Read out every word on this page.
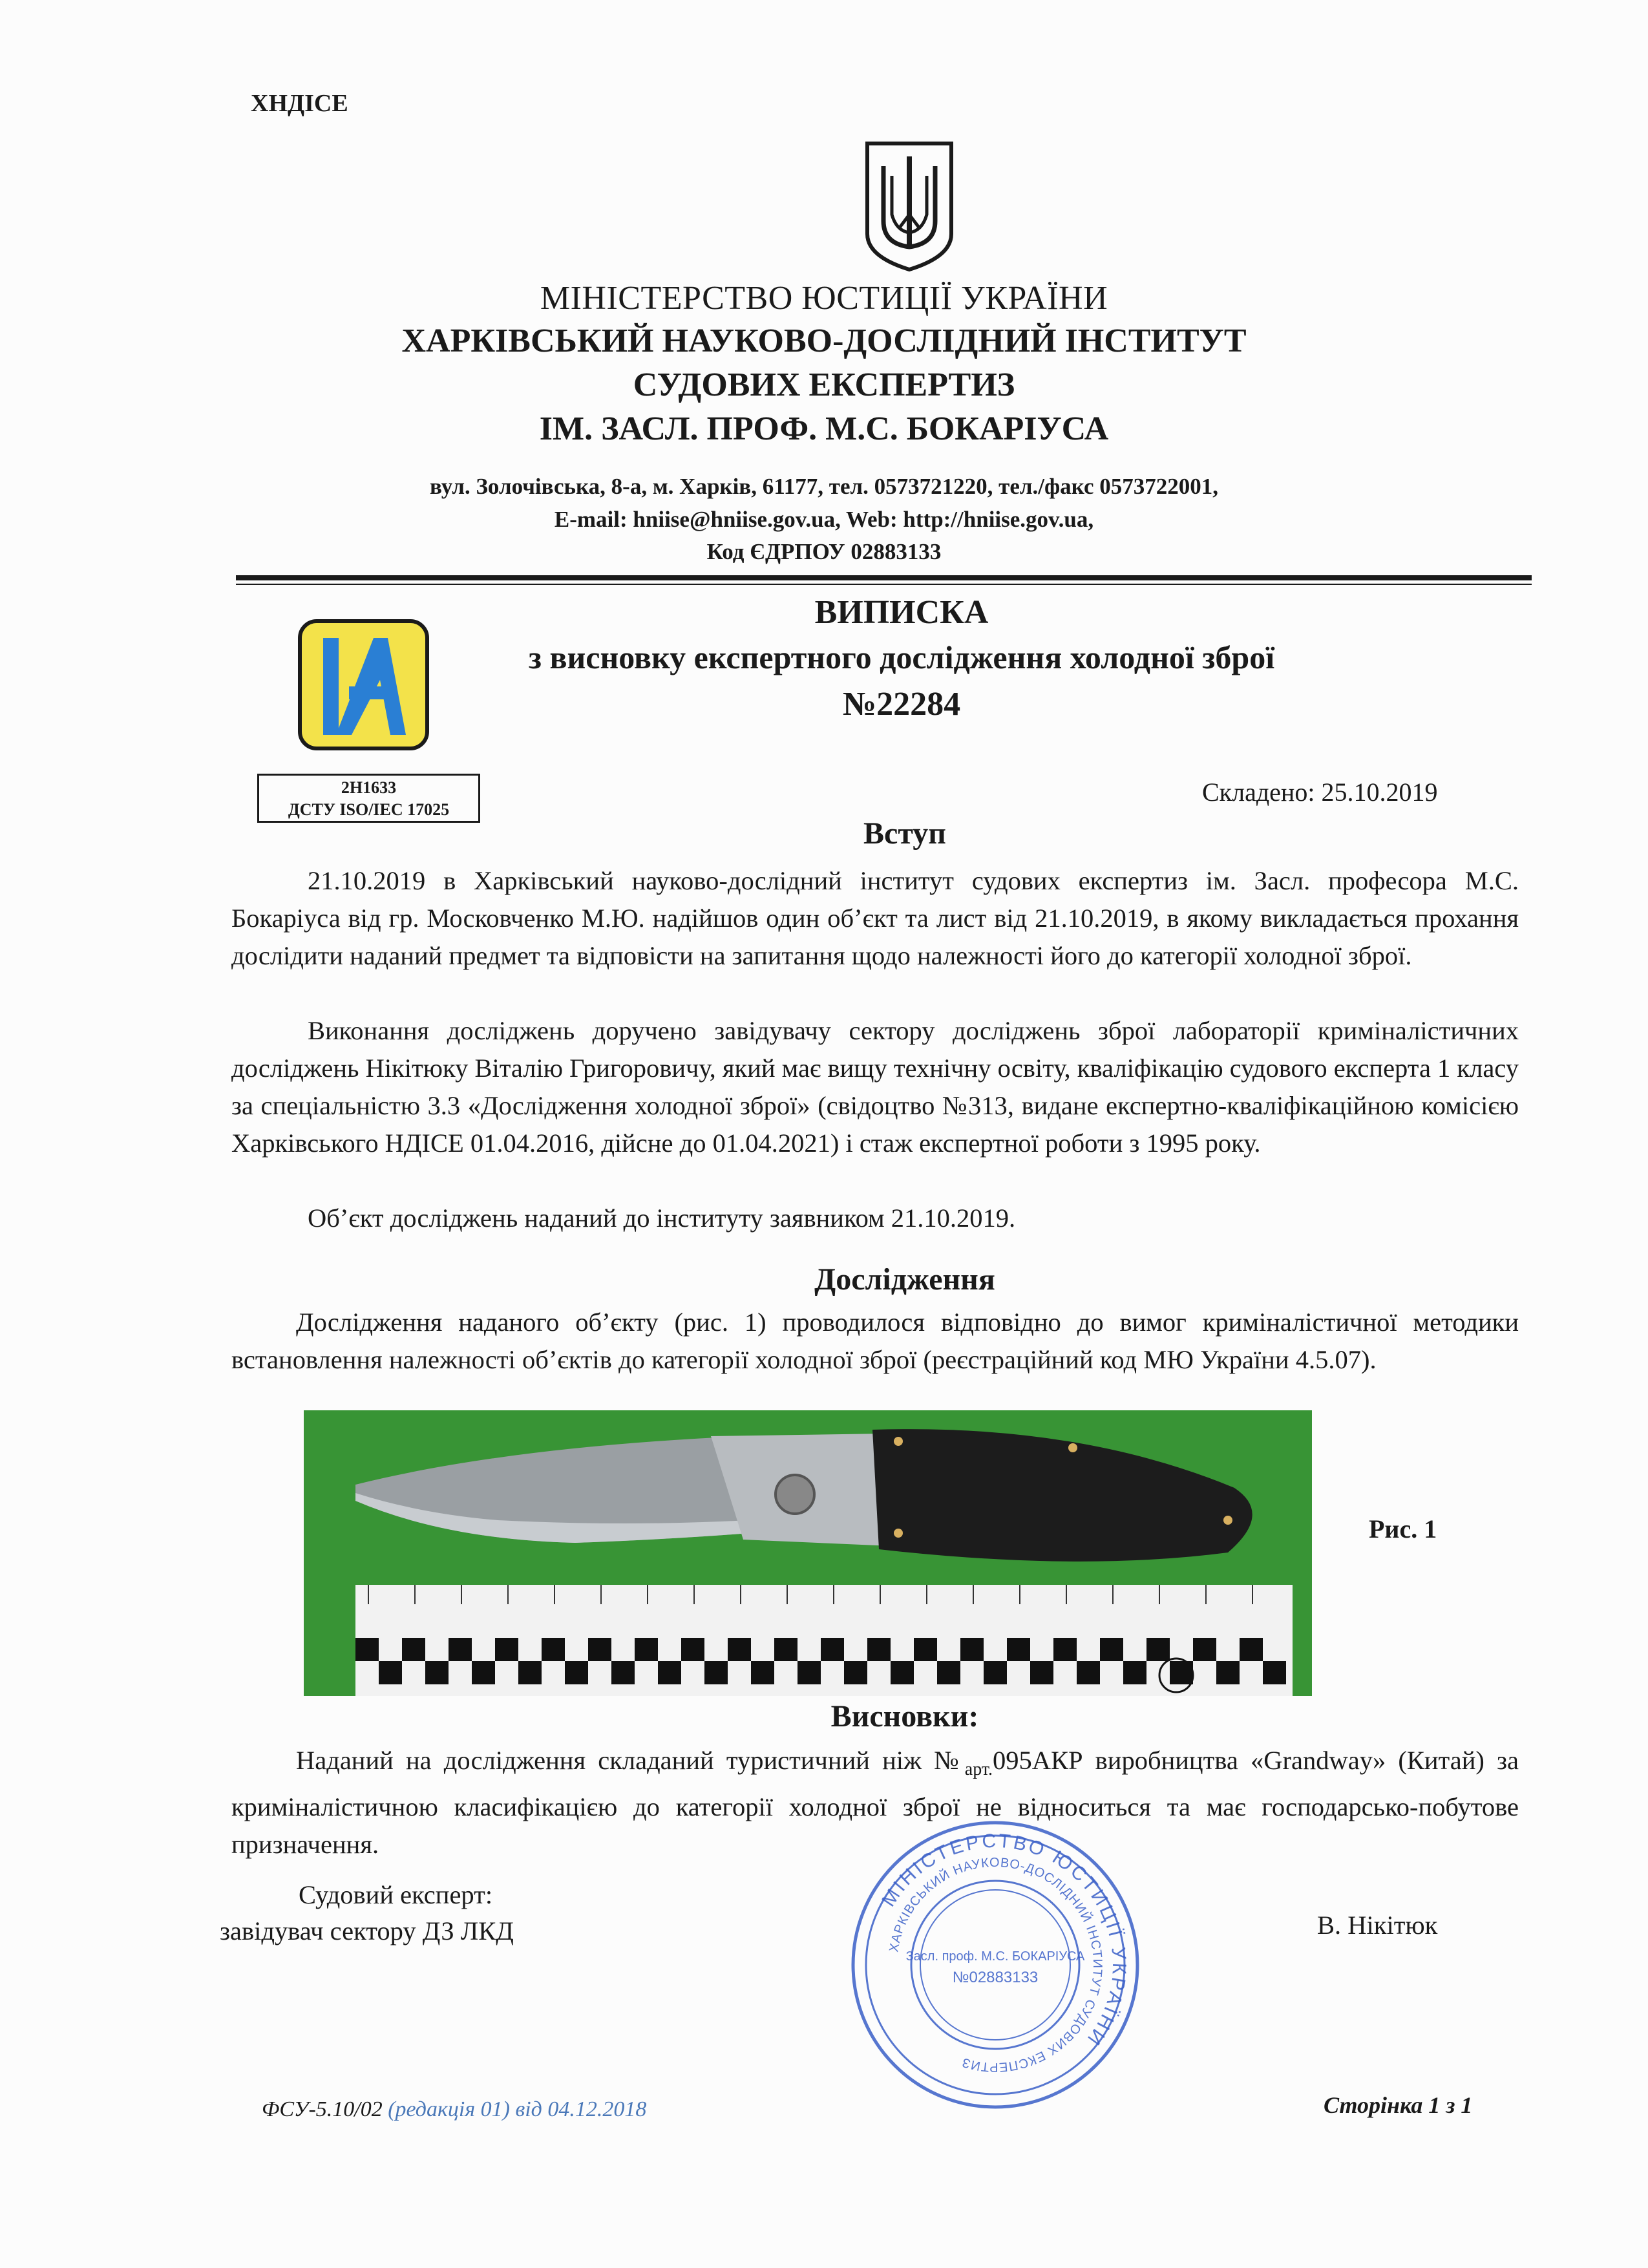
ХНДІСЕ
МІНІСТЕРСТВО ЮСТИЦІЇ УКРАЇНИ
ХАРКІВСЬКИЙ НАУКОВО-ДОСЛІДНИЙ ІНСТИТУТ
СУДОВИХ ЕКСПЕРТИЗ
ІМ. ЗАСЛ. ПРОФ. М.С. БОКАРІУСА
вул. Золочівська, 8-а, м. Харків, 61177, тел. 0573721220, тел./факс 0573722001,
E-mail: hniise@hniise.gov.ua, Web: http://hniise.gov.ua,
Код ЄДРПОУ 02883133
2Н1633
ДСТУ ISO/IEC 17025
ВИПИСКА
з висновку експертного дослідження холодної зброї
№22284
Складено: 25.10.2019
Вступ
21.10.2019 в Харківський науково-дослідний інститут судових експертиз ім. Засл. професора М.С. Бокаріуса від гр. Московченко М.Ю. надійшов один об’єкт та лист від 21.10.2019, в якому викладається прохання дослідити наданий предмет та відповісти на запитання щодо належності його до категорії холодної зброї.
Виконання досліджень доручено завідувачу сектору досліджень зброї лабораторії криміналістичних досліджень Нікітюку Віталію Григоровичу, який має вищу технічну освіту, кваліфікацію судового експерта 1 класу за спеціальністю 3.3 «Дослідження холодної зброї» (свідоцтво №313, видане експертно-кваліфікаційною комісією Харківського НДІСЕ 01.04.2016, дійсне до 01.04.2021) і стаж експертної роботи з 1995 року.
Об’єкт досліджень наданий до інституту заявником 21.10.2019.
Дослідження
Дослідження наданого об’єкту (рис. 1) проводилося відповідно до вимог криміналістичної методики встановлення належності об’єктів до категорії холодної зброї (реєстраційний код МЮ України 4.5.07).
Рис. 1
Висновки:
Наданий на дослідження складаний туристичний ніж $№_{арт.}095АКР$ виробництва «Grandway» (Китай) за криміналістичною класифікацією до категорії холодної зброї не відноситься та має господарсько-побутове призначення.
Судовий експерт:
завідувач сектору ДЗ ЛКД	В. Нікітюк
МІНІСТЕРСТВО ЮСТИЦІЇ УКРАЇНИ
ХАРКІВСЬКИЙ НАУКОВО-ДОСЛІДНИЙ ІНСТИТУТ СУДОВИХ ЕКСПЕРТИЗ
Засл. проф. М.С. БОКАРІУСА
№02883133
ФСУ-5.10/02 (редакція 01) від 04.12.2018	Сторінка 1 з 1
